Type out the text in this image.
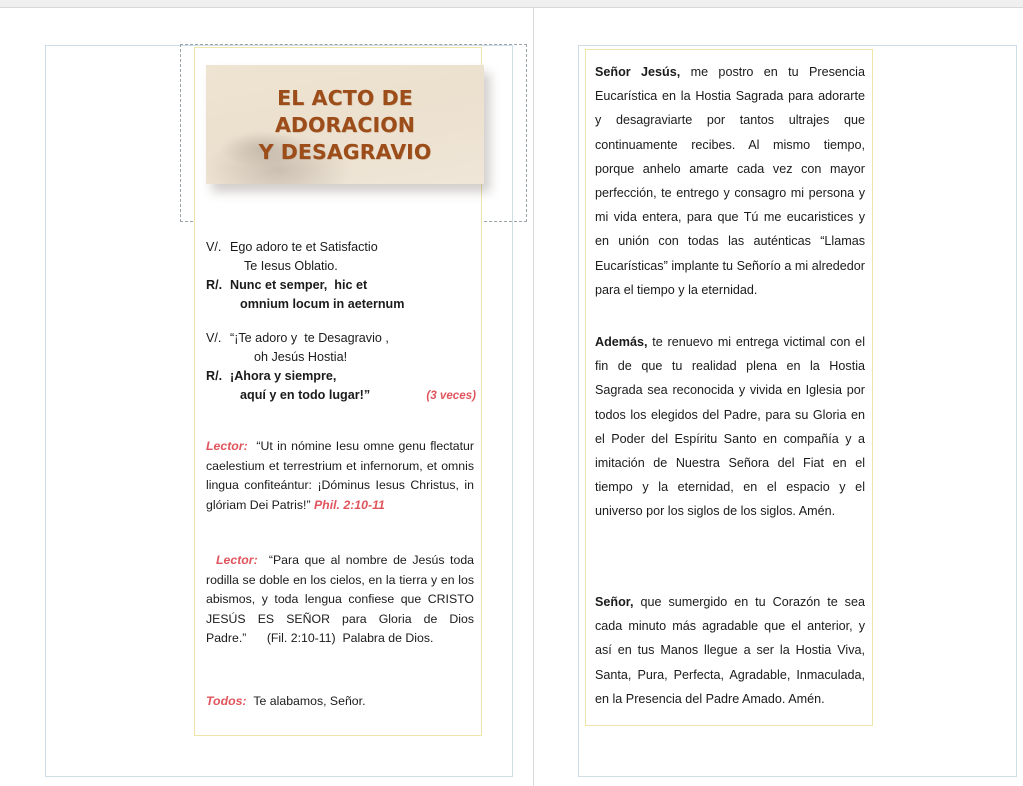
EL ACTO DE ADORACION
Y DESAGRAVIO
V/. Ego adoro te et Satisfactio
Te Iesus Oblatio.
R/. Nunc et semper,  hic et
omnium locum in aeternum
V/. “¡Te adoro y  te Desagravio ,
oh Jesús Hostia!
R/. ¡Ahora y siempre,
aquí y en todo lugar!”	(3 veces)
Lector: “Ut in nómine Iesu omne genu flectatur caelestium et terrestrium et infernorum, et omnis lingua confiteántur: ¡Dóminus Iesus Christus, in glóriam Dei Patris!” Phil. 2:10-11
Lector: “Para que al nombre de Jesús toda rodilla se doble en los cielos, en la tierra y en los abismos, y toda lengua confiese que CRISTO JESÚS ES SEÑOR para Gloria de Dios Padre.” (Fil. 2:10-11) Palabra de Dios.
Todos: Te alabamos, Señor.
Señor Jesús, me postro en tu Presencia Eucarística en la Hostia Sagrada para adorarte y desagraviarte por tantos ultrajes que continuamente recibes. Al mismo tiempo, porque anhelo amarte cada vez con mayor perfección, te entrego y consagro mi persona y mi vida entera, para que Tú me eucaristices y en unión con todas las auténticas “Llamas Eucarísticas” implante tu Señorío a mi alrededor para el tiempo y la eternidad.
Además, te renuevo mi entrega victimal con el fin de que tu realidad plena en la Hostia Sagrada sea reconocida y vivida en Iglesia por todos los elegidos del Padre, para su Gloria en el Poder del Espíritu Santo en compañía y a imitación de Nuestra Señora del Fiat en el tiempo y la eternidad, en el espacio y el universo por los siglos de los siglos. Amén.
Señor, que sumergido en tu Corazón te sea cada minuto más agradable que el anterior, y así en tus Manos llegue a ser la Hostia Viva, Santa, Pura, Perfecta, Agradable, Inmaculada, en la Presencia del Padre Amado. Amén.
